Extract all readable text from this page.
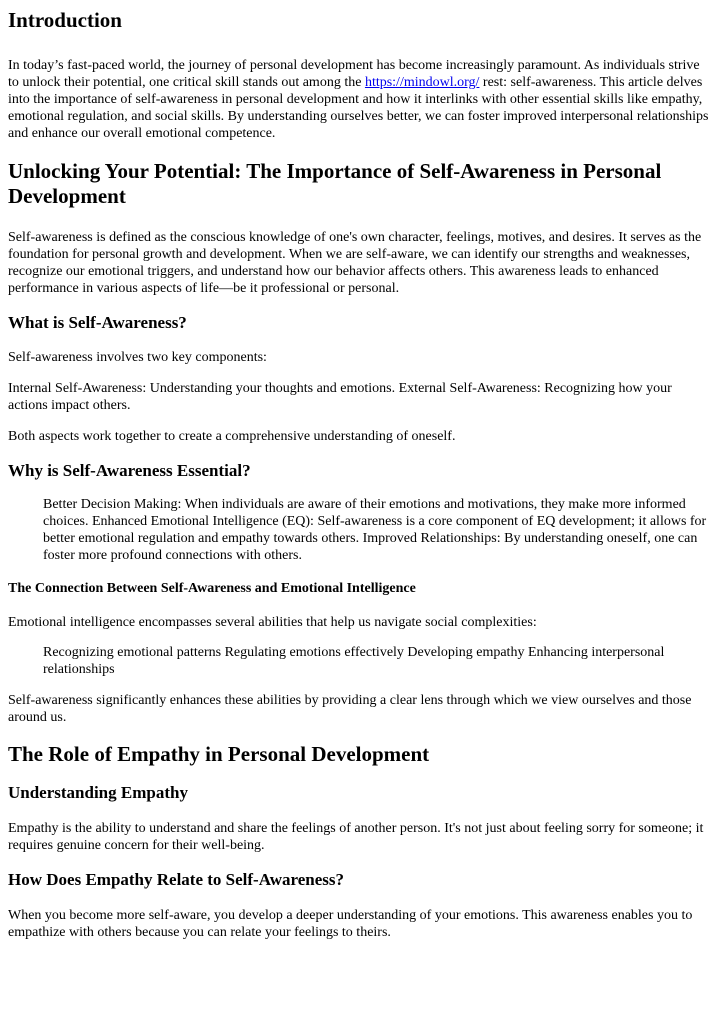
Introduction

In today’s fast-paced world, the journey of personal development has become increasingly paramount. As individuals strive to unlock their potential, one critical skill stands out among the https://mindowl.org/ rest: self-awareness. This article delves into the importance of self-awareness in personal development and how it interlinks with other essential skills like empathy, emotional regulation, and social skills. By understanding ourselves better, we can foster improved interpersonal relationships and enhance our overall emotional competence.

Unlocking Your Potential: The Importance of Self-Awareness in Personal Development

Self-awareness is defined as the conscious knowledge of one's own character, feelings, motives, and desires. It serves as the foundation for personal growth and development. When we are self-aware, we can identify our strengths and weaknesses, recognize our emotional triggers, and understand how our behavior affects others. This awareness leads to enhanced performance in various aspects of life—be it professional or personal.

What is Self-Awareness?

Self-awareness involves two key components:

Internal Self-Awareness: Understanding your thoughts and emotions. External Self-Awareness: Recognizing how your actions impact others.

Both aspects work together to create a comprehensive understanding of oneself.

Why is Self-Awareness Essential?
Better Decision Making: When individuals are aware of their emotions and motivations, they make more informed choices. Enhanced Emotional Intelligence (EQ): Self-awareness is a core component of EQ development; it allows for better emotional regulation and empathy towards others. Improved Relationships: By understanding oneself, one can foster more profound connections with others.
The Connection Between Self-Awareness and Emotional Intelligence

Emotional intelligence encompasses several abilities that help us navigate social complexities:

Recognizing emotional patterns Regulating emotions effectively Developing empathy Enhancing interpersonal relationships

Self-awareness significantly enhances these abilities by providing a clear lens through which we view ourselves and those around us.

The Role of Empathy in Personal Development
Understanding Empathy

Empathy is the ability to understand and share the feelings of another person. It's not just about feeling sorry for someone; it requires genuine concern for their well-being.

How Does Empathy Relate to Self-Awareness?

When you become more self-aware, you develop a deeper understanding of your emotions. This awareness enables you to empathize with others because you can relate your feelings to theirs.
